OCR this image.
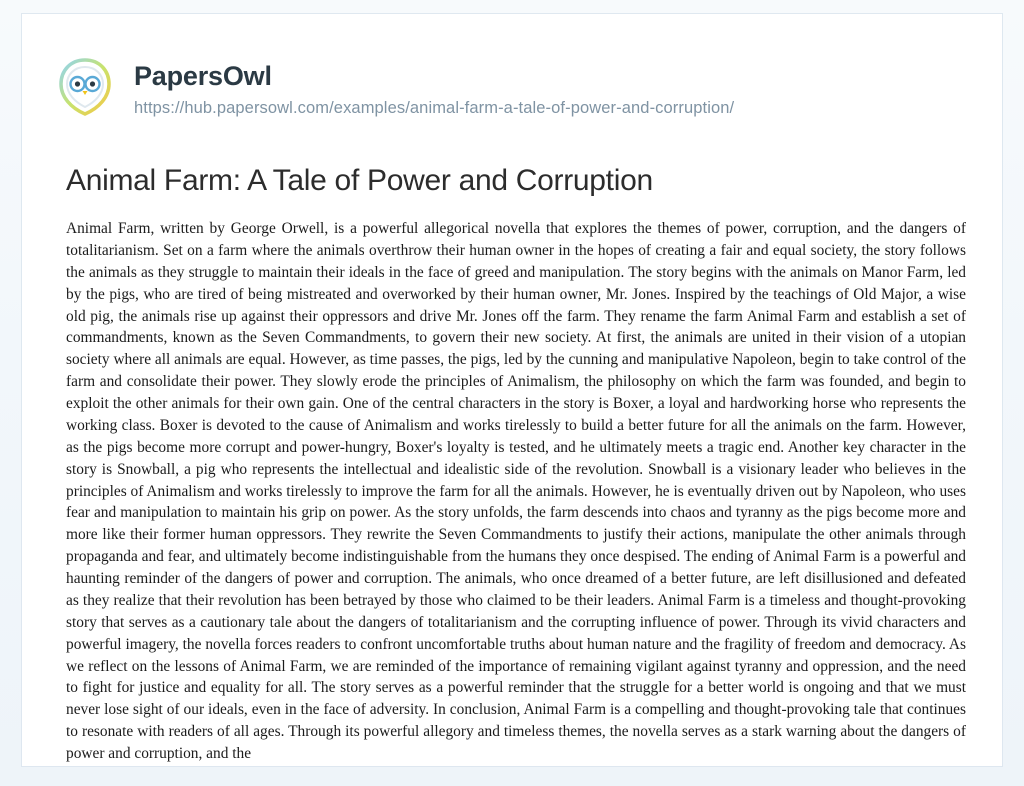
PapersOwl
https://hub.papersowl.com/examples/animal-farm-a-tale-of-power-and-corruption/
Animal Farm: A Tale of Power and Corruption

Animal Farm, written by George Orwell, is a powerful allegorical novella that explores the themes of power, corruption, and the dangers of totalitarianism. Set on a farm where the animals overthrow their human owner in the hopes of creating a fair and equal society, the story follows the animals as they struggle to maintain their ideals in the face of greed and manipulation. The story begins with the animals on Manor Farm, led by the pigs, who are tired of being mistreated and overworked by their human owner, Mr. Jones. Inspired by the teachings of Old Major, a wise old pig, the animals rise up against their oppressors and drive Mr. Jones off the farm. They rename the farm Animal Farm and establish a set of commandments, known as the Seven Commandments, to govern their new society. At first, the animals are united in their vision of a utopian society where all animals are equal. However, as time passes, the pigs, led by the cunning and manipulative Napoleon, begin to take control of the farm and consolidate their power. They slowly erode the principles of Animalism, the philosophy on which the farm was founded, and begin to exploit the other animals for their own gain. One of the central characters in the story is Boxer, a loyal and hardworking horse who represents the working class. Boxer is devoted to the cause of Animalism and works tirelessly to build a better future for all the animals on the farm. However, as the pigs become more corrupt and power-hungry, Boxer's loyalty is tested, and he ultimately meets a tragic end. Another key character in the story is Snowball, a pig who represents the intellectual and idealistic side of the revolution. Snowball is a visionary leader who believes in the principles of Animalism and works tirelessly to improve the farm for all the animals. However, he is eventually driven out by Napoleon, who uses fear and manipulation to maintain his grip on power. As the story unfolds, the farm descends into chaos and tyranny as the pigs become more and more like their former human oppressors. They rewrite the Seven Commandments to justify their actions, manipulate the other animals through propaganda and fear, and ultimately become indistinguishable from the humans they once despised. The ending of Animal Farm is a powerful and haunting reminder of the dangers of power and corruption. The animals, who once dreamed of a better future, are left disillusioned and defeated as they realize that their revolution has been betrayed by those who claimed to be their leaders. Animal Farm is a timeless and thought-provoking story that serves as a cautionary tale about the dangers of totalitarianism and the corrupting influence of power. Through its vivid characters and powerful imagery, the novella forces readers to confront uncomfortable truths about human nature and the fragility of freedom and democracy. As we reflect on the lessons of Animal Farm, we are reminded of the importance of remaining vigilant against tyranny and oppression, and the need to fight for justice and equality for all. The story serves as a powerful reminder that the struggle for a better world is ongoing and that we must never lose sight of our ideals, even in the face of adversity. In conclusion, Animal Farm is a compelling and thought-provoking tale that continues to resonate with readers of all ages. Through its powerful allegory and timeless themes, the novella serves as a stark warning about the dangers of power and corruption, and the
